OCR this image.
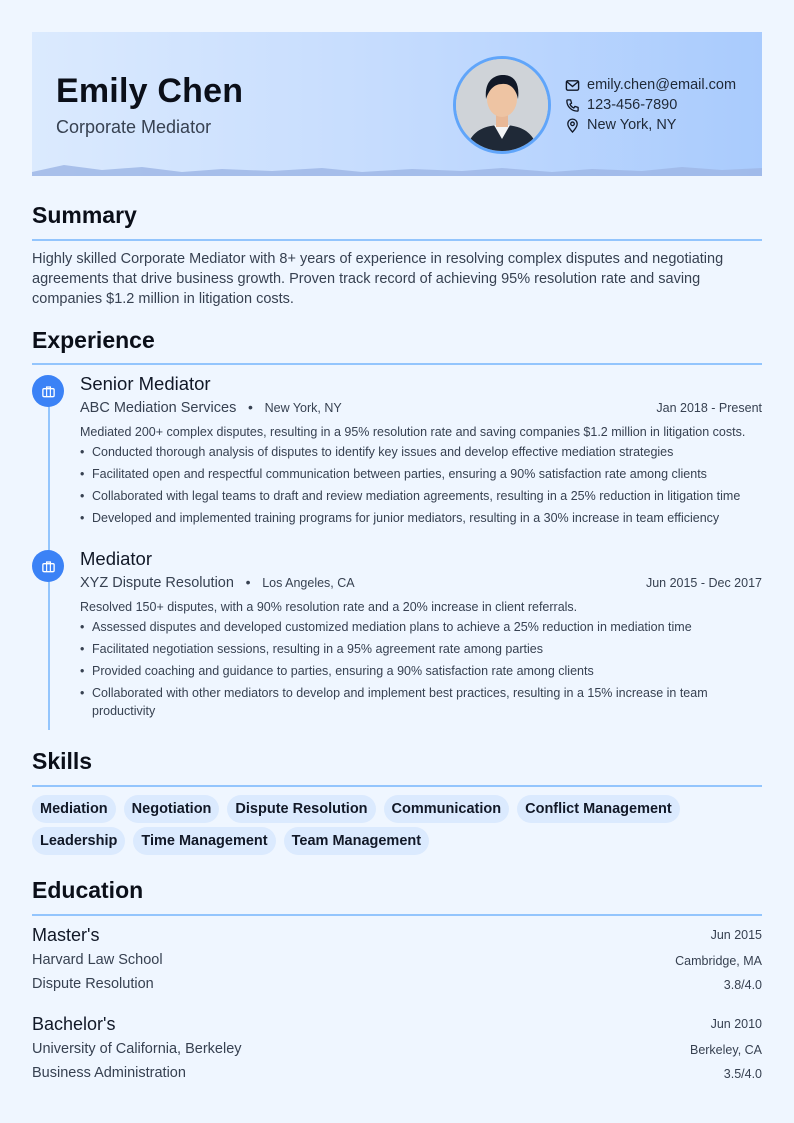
Emily Chen
Corporate Mediator
emily.chen@email.com
123-456-7890
New York, NY
Summary
Highly skilled Corporate Mediator with 8+ years of experience in resolving complex disputes and negotiating agreements that drive business growth. Proven track record of achieving 95% resolution rate and saving companies $1.2 million in litigation costs.
Experience
Senior Mediator
ABC Mediation Services   •   New York, NY	Jan 2018 - Present
Mediated 200+ complex disputes, resulting in a 95% resolution rate and saving companies $1.2 million in litigation costs.
• Conducted thorough analysis of disputes to identify key issues and develop effective mediation strategies
• Facilitated open and respectful communication between parties, ensuring a 90% satisfaction rate among clients
• Collaborated with legal teams to draft and review mediation agreements, resulting in a 25% reduction in litigation time
• Developed and implemented training programs for junior mediators, resulting in a 30% increase in team efficiency
Mediator
XYZ Dispute Resolution   •   Los Angeles, CA	Jun 2015 - Dec 2017
Resolved 150+ disputes, with a 90% resolution rate and a 20% increase in client referrals.
• Assessed disputes and developed customized mediation plans to achieve a 25% reduction in mediation time
• Facilitated negotiation sessions, resulting in a 95% agreement rate among parties
• Provided coaching and guidance to parties, ensuring a 90% satisfaction rate among clients
• Collaborated with other mediators to develop and implement best practices, resulting in a 15% increase in team productivity
Skills
Mediation	Negotiation	Dispute Resolution	Communication	Conflict Management
Leadership	Time Management	Team Management
Education
Master's	Jun 2015
Harvard Law School	Cambridge, MA
Dispute Resolution	3.8/4.0
Bachelor's	Jun 2010
University of California, Berkeley	Berkeley, CA
Business Administration	3.5/4.0
